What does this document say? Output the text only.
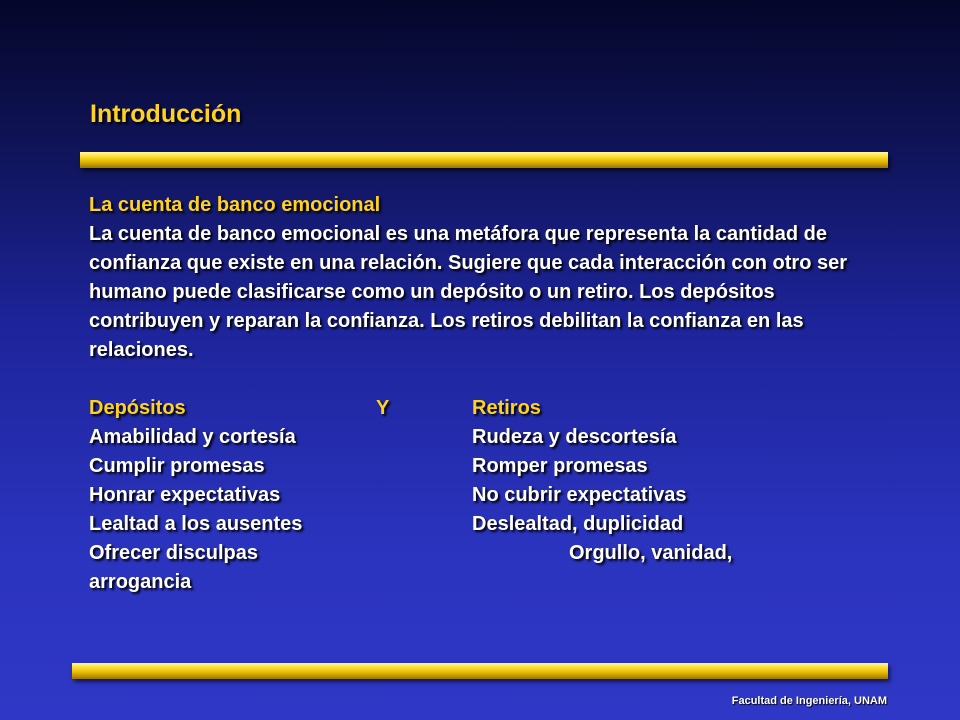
Introducción

La cuenta de banco emocional

La cuenta de banco emocional es una metáfora que representa la cantidad de confianza que existe en una relación. Sugiere que cada interacción con otro ser humano puede clasificarse como un depósito o un retiro. Los depósitos contribuyen y reparan la confianza. Los retiros debilitan la confianza en las relaciones.

Depósitos	Y	Retiros
Amabilidad y cortesía	Rudeza y descortesía
Cumplir promesas	Romper promesas
Honrar expectativas	No cubrir expectativas
Lealtad a los ausentes	Deslealtad, duplicidad
Ofrecer disculpas	Orgullo, vanidad,
arrogancia
Facultad de Ingeniería, UNAM
